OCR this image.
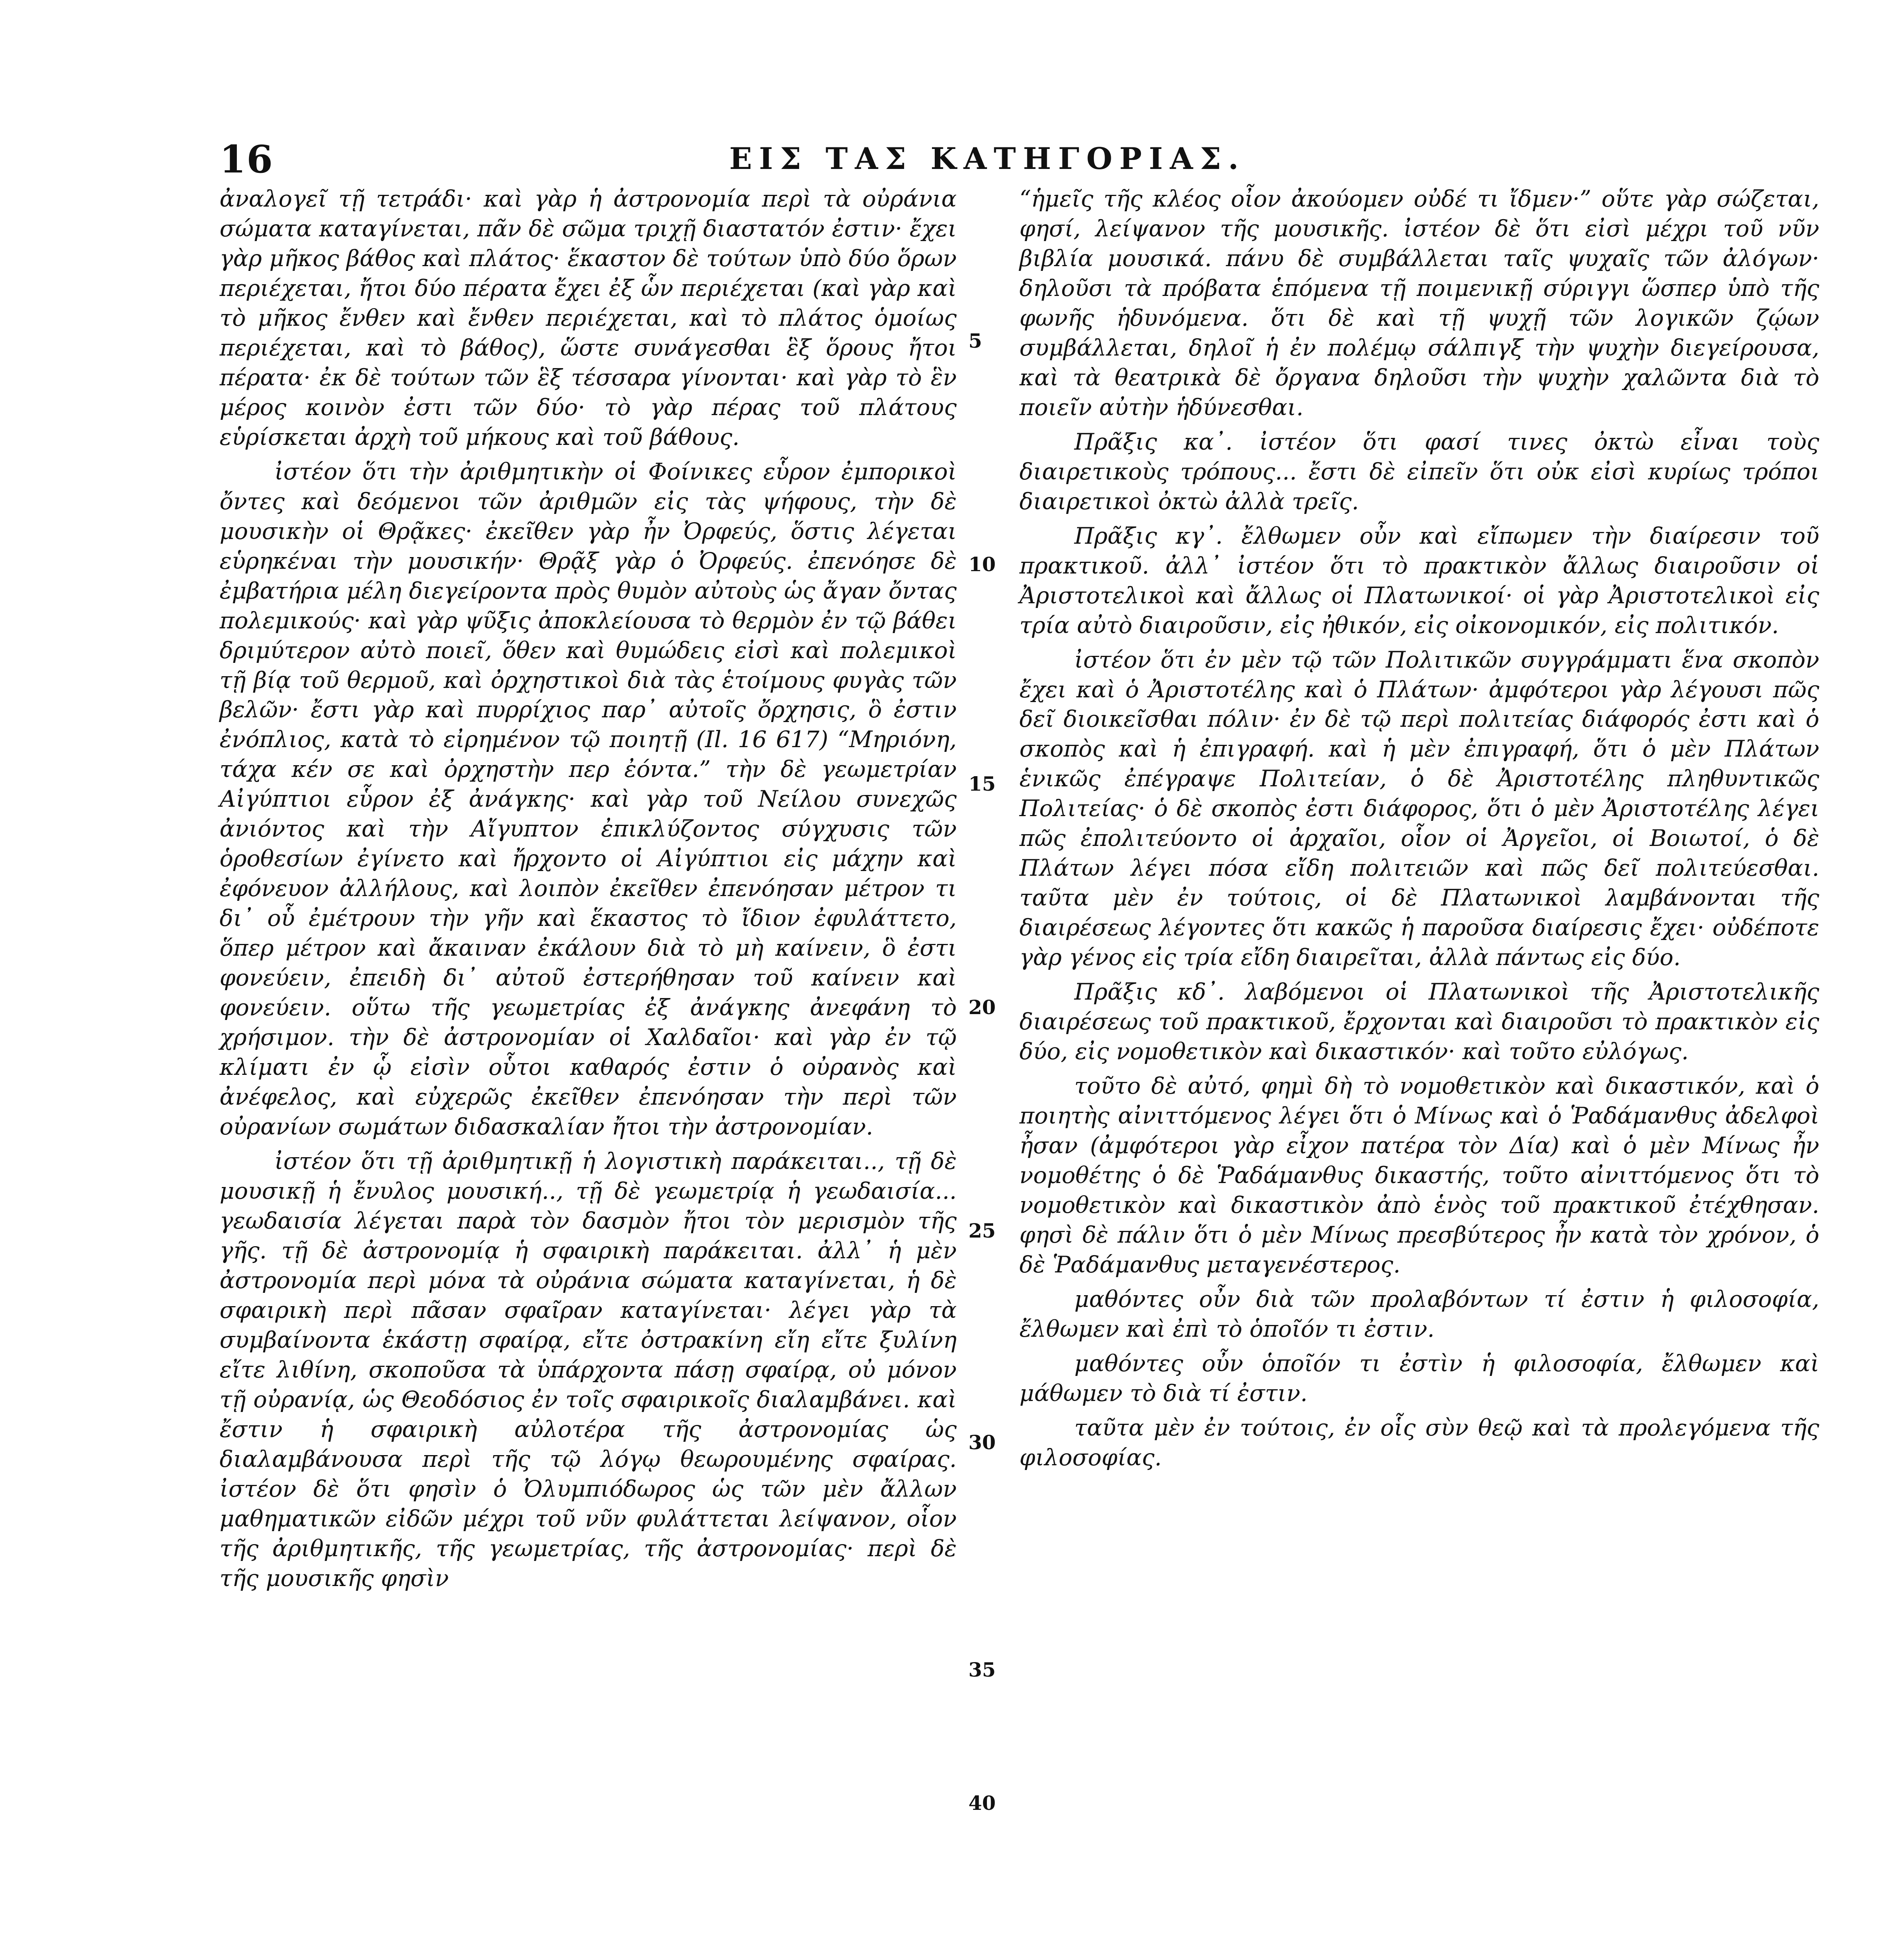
16	ΕΙΣ ΤΑΣ ΚΑΤΗΓΟΡΙΑΣ.

ἀναλογεῖ τῇ τετράδι· καὶ γὰρ ἡ ἀστρονομία περὶ τὰ οὐράνια σώματα καταγίνεται, πᾶν δὲ σῶμα τριχῇ διαστατόν ἐστιν· ἔχει γὰρ μῆκος βάθος καὶ πλάτος· ἕκαστον δὲ τούτων ὑπὸ δύο ὅρων περιέχεται, ἤτοι δύο πέρατα ἔχει ἐξ ὧν περιέχεται (καὶ γὰρ καὶ τὸ μῆκος ἔνθεν καὶ ἔνθεν περιέχεται, καὶ τὸ πλάτος ὁμοίως περιέχεται, καὶ τὸ βάθος), ὥστε συνάγεσθαι ἓξ ὅρους ἤτοι πέρατα· ἐκ δὲ τούτων τῶν ἓξ τέσσαρα γίνονται· καὶ γὰρ τὸ ἓν μέρος κοινὸν ἐστι τῶν δύο· τὸ γὰρ πέρας τοῦ πλάτους εὑρίσκεται ἀρχὴ τοῦ μήκους καὶ τοῦ βάθους.

ἰστέον ὅτι τὴν ἀριθμητικὴν οἱ Φοίνικες εὗρον ἐμπορικοὶ ὄντες καὶ δεόμενοι τῶν ἀριθμῶν εἰς τὰς ψήφους, τὴν δὲ μουσικὴν οἱ Θρᾷκες· ἐκεῖθεν γὰρ ἦν Ὀρφεύς, ὅστις λέγεται εὑρηκέναι τὴν μουσικήν· Θρᾷξ γὰρ ὁ Ὀρφεύς. ἐπενόησε δὲ ἐμβατήρια μέλη διεγείροντα πρὸς θυμὸν αὐτοὺς ὡς ἄγαν ὄντας πολεμικούς· καὶ γὰρ ψῦξις ἀποκλείουσα τὸ θερμὸν ἐν τῷ βάθει δριμύτερον αὐτὸ ποιεῖ, ὅθεν καὶ θυμώδεις εἰσὶ καὶ πολεμικοὶ τῇ βίᾳ τοῦ θερμοῦ, καὶ ὀρχηστικοὶ διὰ τὰς ἑτοίμους φυγὰς τῶν βελῶν· ἔστι γὰρ καὶ πυρρίχιος παρ᾽ αὐτοῖς ὄρχησις, ὃ ἐστιν ἐνόπλιος, κατὰ τὸ εἰρημένον τῷ ποιητῇ (Il. 16 617) “Μηριόνη, τάχα κέν σε καὶ ὀρχηστὴν περ ἐόντα.” τὴν δὲ γεωμετρίαν Αἰγύπτιοι εὗρον ἐξ ἀνάγκης· καὶ γὰρ τοῦ Νείλου συνεχῶς ἀνιόντος καὶ τὴν Αἴγυπτον ἐπικλύζοντος σύγχυσις τῶν ὁροθεσίων ἐγίνετο καὶ ἤρχοντο οἱ Αἰγύπτιοι εἰς μάχην καὶ ἐφόνευον ἀλλήλους, καὶ λοιπὸν ἐκεῖθεν ἐπενόησαν μέτρον τι δι᾽ οὗ ἐμέτρουν τὴν γῆν καὶ ἕκαστος τὸ ἴδιον ἐφυλάττετο, ὅπερ μέτρον καὶ ἄκαιναν ἐκάλουν διὰ τὸ μὴ καίνειν, ὃ ἐστι φονεύειν, ἐπειδὴ δι᾽ αὐτοῦ ἐστερήθησαν τοῦ καίνειν καὶ φονεύειν. οὕτω τῆς γεωμετρίας ἐξ ἀνάγκης ἀνεφάνη τὸ χρήσιμον. τὴν δὲ ἀστρονομίαν οἱ Χαλδαῖοι· καὶ γὰρ ἐν τῷ κλίματι ἐν ᾧ εἰσὶν οὗτοι καθαρός ἐστιν ὁ οὐρανὸς καὶ ἀνέφελος, καὶ εὐχερῶς ἐκεῖθεν ἐπενόησαν τὴν περὶ τῶν οὐρανίων σωμάτων διδασκαλίαν ἤτοι τὴν ἀστρονομίαν.

ἰστέον ὅτι τῇ ἀριθμητικῇ ἡ λογιστικὴ παράκειται.., τῇ δὲ μουσικῇ ἡ ἔνυλος μουσική.., τῇ δὲ γεωμετρίᾳ ἡ γεωδαισία... γεωδαισία λέγεται παρὰ τὸν δασμὸν ἤτοι τὸν μερισμὸν τῆς γῆς. τῇ δὲ ἀστρονομίᾳ ἡ σφαιρικὴ παράκειται. ἀλλ᾽ ἡ μὲν ἀστρονομία περὶ μόνα τὰ οὐράνια σώματα καταγίνεται, ἡ δὲ σφαιρικὴ περὶ πᾶσαν σφαῖραν καταγίνεται· λέγει γὰρ τὰ συμβαίνοντα ἑκάστῃ σφαίρᾳ, εἴτε ὀστρακίνη εἴη εἴτε ξυλίνη εἴτε λιθίνη, σκοποῦσα τὰ ὑπάρχοντα πάσῃ σφαίρᾳ, οὐ μόνον τῇ οὐρανίᾳ, ὡς Θεοδόσιος ἐν τοῖς σφαιρικοῖς διαλαμβάνει. καὶ ἔστιν ἡ σφαιρικὴ αὐλοτέρα τῆς ἀστρονομίας ὡς διαλαμβάνουσα περὶ τῆς τῷ λόγῳ θεωρουμένης σφαίρας. ἰστέον δὲ ὅτι φησὶν ὁ Ὀλυμπιόδωρος ὡς τῶν μὲν ἄλλων μαθηματικῶν εἰδῶν μέχρι τοῦ νῦν φυλάττεται λείψανον, οἷον τῆς ἀριθμητικῆς, τῆς γεωμετρίας, τῆς ἀστρονομίας· περὶ δὲ τῆς μουσικῆς φησὶν

5
10
15
20
25
30
35
40

“ἡμεῖς τῆς κλέος οἶον ἀκούομεν οὐδέ τι ἴδμεν·” οὕτε γὰρ σώζεται, φησί, λείψανον τῆς μουσικῆς. ἰστέον δὲ ὅτι εἰσὶ μέχρι τοῦ νῦν βιβλία μουσικά. πάνυ δὲ συμβάλλεται ταῖς ψυχαῖς τῶν ἀλόγων· δηλοῦσι τὰ πρόβατα ἑπόμενα τῇ ποιμενικῇ σύριγγι ὥσπερ ὑπὸ τῆς φωνῆς ἡδυνόμενα. ὅτι δὲ καὶ τῇ ψυχῇ τῶν λογικῶν ζῴων συμβάλλεται, δηλοῖ ἡ ἐν πολέμῳ σάλπιγξ τὴν ψυχὴν διεγείρουσα, καὶ τὰ θεατρικὰ δὲ ὄργανα δηλοῦσι τὴν ψυχὴν χαλῶντα διὰ τὸ ποιεῖν αὐτὴν ἡδύνεσθαι.

Πρᾶξις κα᾽. ἰστέον ὅτι φασί τινες ὀκτὼ εἶναι τοὺς διαιρετικοὺς τρόπους... ἔστι δὲ εἰπεῖν ὅτι οὐκ εἰσὶ κυρίως τρόποι διαιρετικοὶ ὀκτὼ ἀλλὰ τρεῖς.

Πρᾶξις κγ᾽. ἔλθωμεν οὖν καὶ εἴπωμεν τὴν διαίρεσιν τοῦ πρακτικοῦ. ἀλλ᾽ ἰστέον ὅτι τὸ πρακτικὸν ἄλλως διαιροῦσιν οἱ Ἀριστοτελικοὶ καὶ ἄλλως οἱ Πλατωνικοί· οἱ γὰρ Ἀριστοτελικοὶ εἰς τρία αὐτὸ διαιροῦσιν, εἰς ἠθικόν, εἰς οἰκονομικόν, εἰς πολιτικόν.

ἰστέον ὅτι ἐν μὲν τῷ τῶν Πολιτικῶν συγγράμματι ἕνα σκοπὸν ἔχει καὶ ὁ Ἀριστοτέλης καὶ ὁ Πλάτων· ἀμφότεροι γὰρ λέγουσι πῶς δεῖ διοικεῖσθαι πόλιν· ἐν δὲ τῷ περὶ πολιτείας διάφορός ἐστι καὶ ὁ σκοπὸς καὶ ἡ ἐπιγραφή. καὶ ἡ μὲν ἐπιγραφή, ὅτι ὁ μὲν Πλάτων ἑνικῶς ἐπέγραψε Πολιτείαν, ὁ δὲ Ἀριστοτέλης πληθυντικῶς Πολιτείας· ὁ δὲ σκοπὸς ἐστι διάφορος, ὅτι ὁ μὲν Ἀριστοτέλης λέγει πῶς ἐπολιτεύοντο οἱ ἀρχαῖοι, οἷον οἱ Ἀργεῖοι, οἱ Βοιωτοί, ὁ δὲ Πλάτων λέγει πόσα εἴδη πολιτειῶν καὶ πῶς δεῖ πολιτεύεσθαι. ταῦτα μὲν ἐν τούτοις, οἱ δὲ Πλατωνικοὶ λαμβάνονται τῆς διαιρέσεως λέγοντες ὅτι κακῶς ἡ παροῦσα διαίρεσις ἔχει· οὐδέποτε γὰρ γένος εἰς τρία εἴδη διαιρεῖται, ἀλλὰ πάντως εἰς δύο.

Πρᾶξις κδ᾽. λαβόμενοι οἱ Πλατωνικοὶ τῆς Ἀριστοτελικῆς διαιρέσεως τοῦ πρακτικοῦ, ἔρχονται καὶ διαιροῦσι τὸ πρακτικὸν εἰς δύο, εἰς νομοθετικὸν καὶ δικαστικόν· καὶ τοῦτο εὐλόγως.

τοῦτο δὲ αὐτό, φημὶ δὴ τὸ νομοθετικὸν καὶ δικαστικόν, καὶ ὁ ποιητὴς αἰνιττόμενος λέγει ὅτι ὁ Μίνως καὶ ὁ Ῥαδάμανθυς ἀδελφοὶ ἦσαν (ἀμφότεροι γὰρ εἶχον πατέρα τὸν Δία) καὶ ὁ μὲν Μίνως ἦν νομοθέτης ὁ δὲ Ῥαδάμανθυς δικαστής, τοῦτο αἰνιττόμενος ὅτι τὸ νομοθετικὸν καὶ δικαστικὸν ἀπὸ ἑνὸς τοῦ πρακτικοῦ ἐτέχθησαν. φησὶ δὲ πάλιν ὅτι ὁ μὲν Μίνως πρεσβύτερος ἦν κατὰ τὸν χρόνον, ὁ δὲ Ῥαδάμανθυς μεταγενέστερος.

μαθόντες οὖν διὰ τῶν προλαβόντων τί ἐστιν ἡ φιλοσοφία, ἔλθωμεν καὶ ἐπὶ τὸ ὁποῖόν τι ἐστιν.

μαθόντες οὖν ὁποῖόν τι ἐστὶν ἡ φιλοσοφία, ἔλθωμεν καὶ μάθωμεν τὸ διὰ τί ἐστιν.

ταῦτα μὲν ἐν τούτοις, ἐν οἷς σὺν θεῷ καὶ τὰ προλεγόμενα τῆς φιλοσοφίας.
